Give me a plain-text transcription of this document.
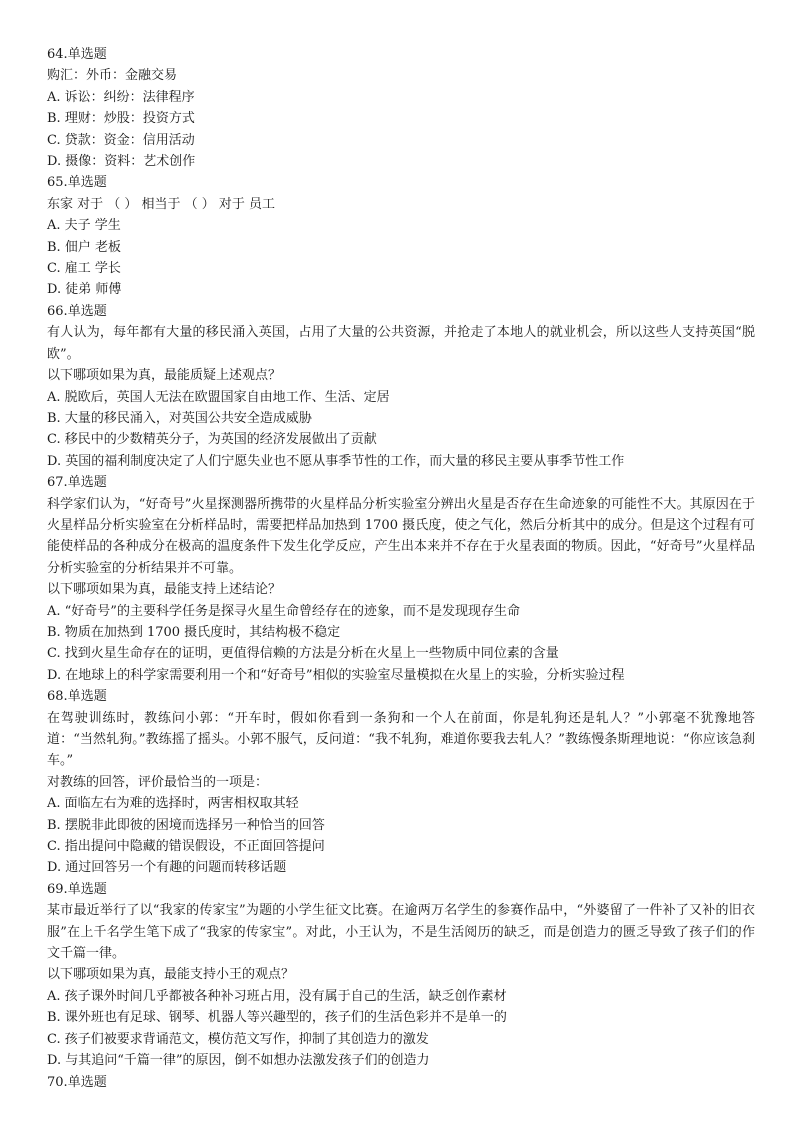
64.单选题
购汇：外币：金融交易
A. 诉讼：纠纷：法律程序
B. 理财：炒股：投资方式
C. 贷款：资金：信用活动
D. 摄像：资料：艺术创作
65.单选题
东家 对于 （ ） 相当于 （ ） 对于 员工
A. 夫子 学生
B. 佃户 老板
C. 雇工 学长
D. 徒弟 师傅
66.单选题
有人认为，每年都有大量的移民涌入英国，占用了大量的公共资源，并抢走了本地人的就业机会，所以这些人支持英国“脱欧”。
以下哪项如果为真，最能质疑上述观点？
A. 脱欧后，英国人无法在欧盟国家自由地工作、生活、定居
B. 大量的移民涌入，对英国公共安全造成威胁
C. 移民中的少数精英分子，为英国的经济发展做出了贡献
D. 英国的福利制度决定了人们宁愿失业也不愿从事季节性的工作，而大量的移民主要从事季节性工作
67.单选题
科学家们认为，“好奇号”火星探测器所携带的火星样品分析实验室分辨出火星是否存在生命迹象的可能性不大。其原因在于火星样品分析实验室在分析样品时，需要把样品加热到 1700 摄氏度，使之气化，然后分析其中的成分。但是这个过程有可能使样品的各种成分在极高的温度条件下发生化学反应，产生出本来并不存在于火星表面的物质。因此，“好奇号”火星样品分析实验室的分析结果并不可靠。
以下哪项如果为真，最能支持上述结论？
A. “好奇号”的主要科学任务是探寻火星生命曾经存在的迹象，而不是发现现存生命
B. 物质在加热到 1700 摄氏度时，其结构极不稳定
C. 找到火星生命存在的证明，更值得信赖的方法是分析在火星上一些物质中同位素的含量
D. 在地球上的科学家需要利用一个和“好奇号”相似的实验室尽量模拟在火星上的实验，分析实验过程
68.单选题
在驾驶训练时，教练问小郭：“开车时，假如你看到一条狗和一个人在前面，你是轧狗还是轧人？”小郭毫不犹豫地答道：“当然轧狗。”教练摇了摇头。小郭不服气，反问道：“我不轧狗，难道你要我去轧人？”教练慢条斯理地说：“你应该急刹车。”
对教练的回答，评价最恰当的一项是：
A. 面临左右为难的选择时，两害相权取其轻
B. 摆脱非此即彼的困境而选择另一种恰当的回答
C. 指出提问中隐藏的错误假设，不正面回答提问
D. 通过回答另一个有趣的问题而转移话题
69.单选题
某市最近举行了以“我家的传家宝”为题的小学生征文比赛。在逾两万名学生的参赛作品中，“外婆留了一件补了又补的旧衣服”在上千名学生笔下成了“我家的传家宝”。对此，小王认为，不是生活阅历的缺乏，而是创造力的匮乏导致了孩子们的作文千篇一律。
以下哪项如果为真，最能支持小王的观点？
A. 孩子课外时间几乎都被各种补习班占用，没有属于自己的生活，缺乏创作素材
B. 课外班也有足球、钢琴、机器人等兴趣型的，孩子们的生活色彩并不是单一的
C. 孩子们被要求背诵范文，模仿范文写作，抑制了其创造力的激发
D. 与其追问“千篇一律”的原因，倒不如想办法激发孩子们的创造力
70.单选题
